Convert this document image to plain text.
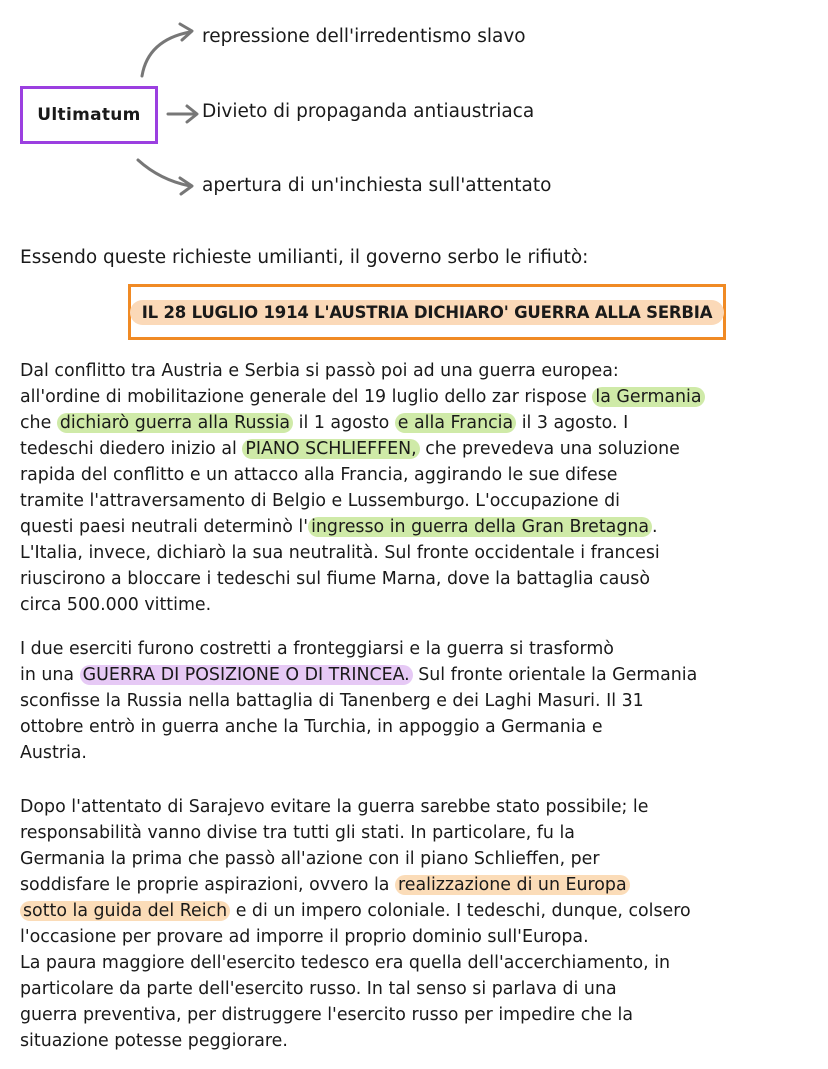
Ultimatum
repressione dell'irredentismo slavo
Divieto di propaganda antiaustriaca
apertura di un'inchiesta sull'attentato
Essendo queste richieste umilianti, il governo serbo le rifiutò:
IL 28 LUGLIO 1914 L'AUSTRIA DICHIARO' GUERRA ALLA SERBIA
Dal conflitto tra Austria e Serbia si passò poi ad una guerra europea:
all'ordine di mobilitazione generale del 19 luglio dello zar rispose la Germania
che dichiarò guerra alla Russia il 1 agosto e alla Francia il 3 agosto. I
tedeschi diedero inizio al PIANO SCHLIEFFEN, che prevedeva una soluzione
rapida del conflitto e un attacco alla Francia, aggirando le sue difese
tramite l'attraversamento di Belgio e Lussemburgo. L'occupazione di
questi paesi neutrali determinò l' ingresso in guerra della Gran Bretagna .
L'Italia, invece, dichiarò la sua neutralità. Sul fronte occidentale i francesi
riuscirono a bloccare i tedeschi sul fiume Marna, dove la battaglia causò
circa 500.000 vittime.
I due eserciti furono costretti a fronteggiarsi e la guerra si trasformò
in una GUERRA DI POSIZIONE O DI TRINCEA. Sul fronte orientale la Germania
sconfisse la Russia nella battaglia di Tanenberg e dei Laghi Masuri. Il 31
ottobre entrò in guerra anche la Turchia, in appoggio a Germania e
Austria.
Dopo l'attentato di Sarajevo evitare la guerra sarebbe stato possibile; le
responsabilità vanno divise tra tutti gli stati. In particolare, fu la
Germania la prima che passò all'azione con il piano Schlieffen, per
soddisfare le proprie aspirazioni, ovvero la realizzazione di un Europa
sotto la guida del Reich e di un impero coloniale. I tedeschi, dunque, colsero
l'occasione per provare ad imporre il proprio dominio sull'Europa.
La paura maggiore dell'esercito tedesco era quella dell'accerchiamento, in
particolare da parte dell'esercito russo. In tal senso si parlava di una
guerra preventiva, per distruggere l'esercito russo per impedire che la
situazione potesse peggiorare.
